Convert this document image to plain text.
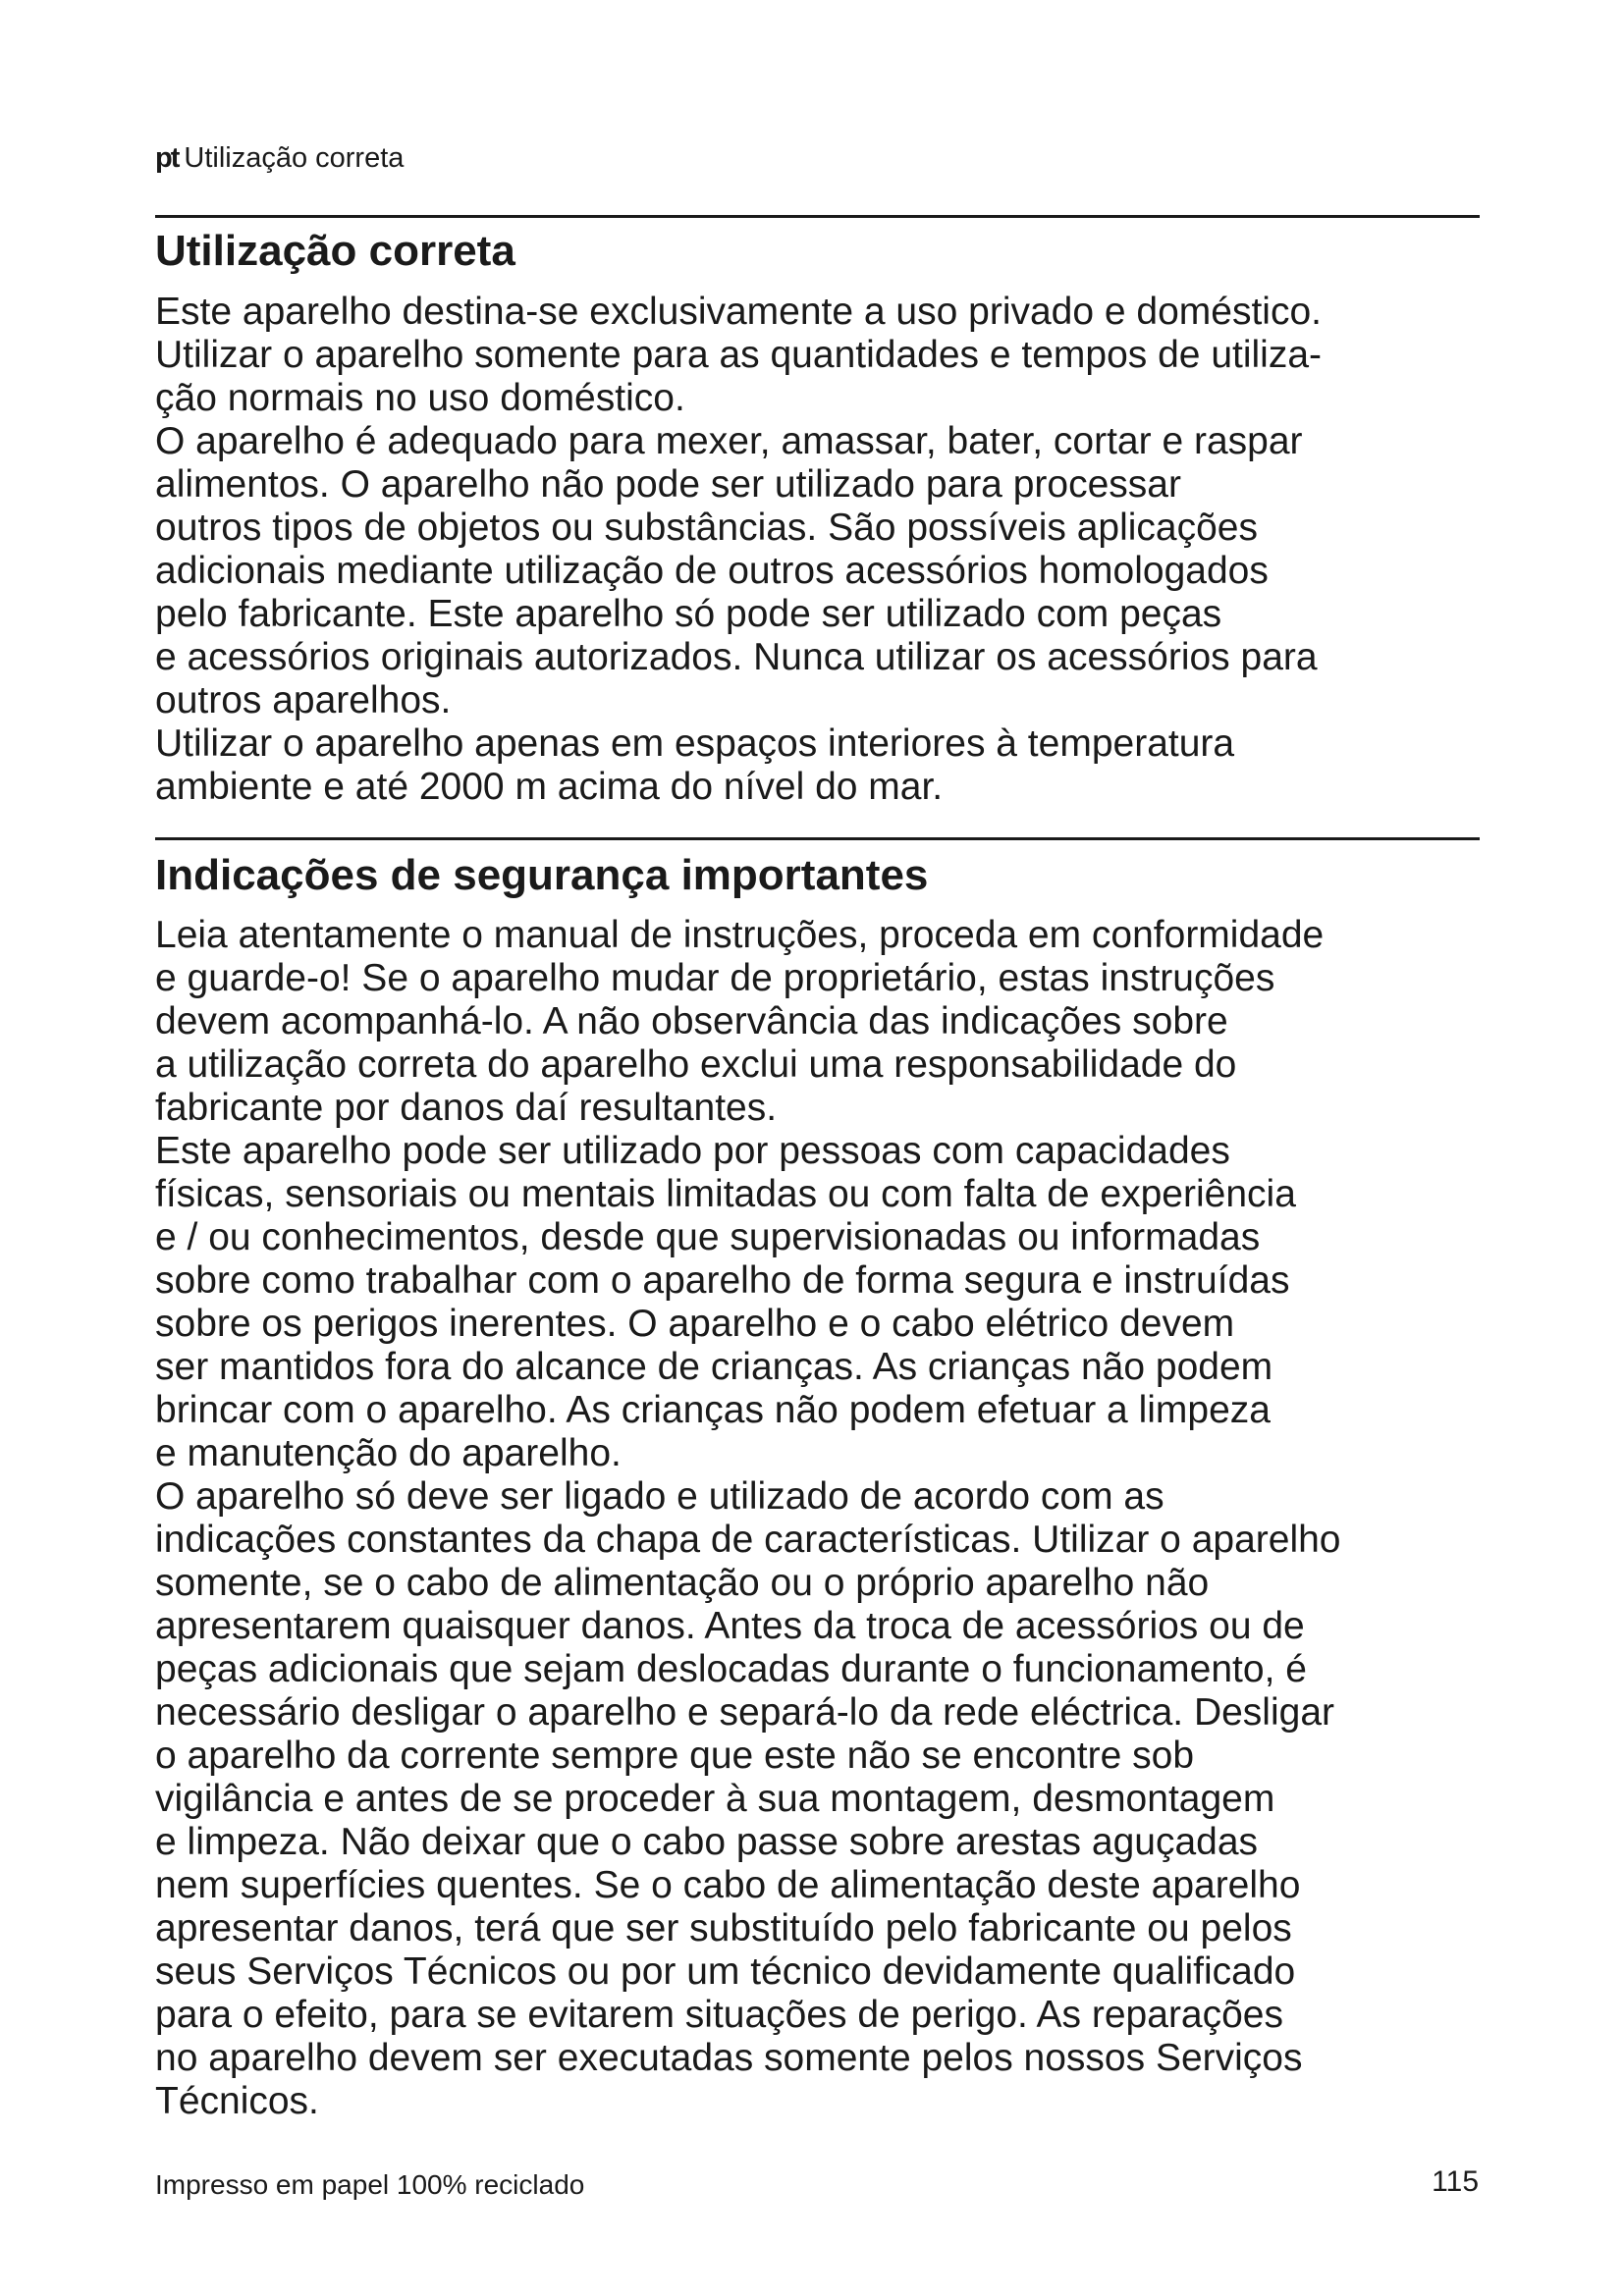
pt Utilização correta
Utilização correta
Este aparelho destina-se exclusivamente a uso privado e doméstico.
Utilizar o aparelho somente para as quantidades e tempos de utiliza-
ção normais no uso doméstico.
O aparelho é adequado para mexer, amassar, bater, cortar e raspar
alimentos. O aparelho não pode ser utilizado para processar
outros tipos de objetos ou substâncias. São possíveis aplicações
adicionais mediante utilização de outros acessórios homologados
pelo fabricante. Este aparelho só pode ser utilizado com peças
e acessórios originais autorizados. Nunca utilizar os acessórios para
outros aparelhos.
Utilizar o aparelho apenas em espaços interiores à temperatura
ambiente e até 2000 m acima do nível do mar.
Indicações de segurança importantes
Leia atentamente o manual de instruções, proceda em conformidade
e guarde-o! Se o aparelho mudar de proprietário, estas instruções
devem acompanhá-lo. A não observância das indicações sobre
a utilização correta do aparelho exclui uma responsabilidade do
fabricante por danos daí resultantes.
Este aparelho pode ser utilizado por pessoas com capacidades
físicas, sensoriais ou mentais limitadas ou com falta de experiência
e / ou conhecimentos, desde que supervisionadas ou informadas
sobre como trabalhar com o aparelho de forma segura e instruídas
sobre os perigos inerentes. O aparelho e o cabo elétrico devem
ser mantidos fora do alcance de crianças. As crianças não podem
brincar com o aparelho. As crianças não podem efetuar a limpeza
e manutenção do aparelho.
O aparelho só deve ser ligado e utilizado de acordo com as
indicações constantes da chapa de características. Utilizar o aparelho
somente, se o cabo de alimentação ou o próprio aparelho não
apresentarem quaisquer danos. Antes da troca de acessórios ou de
peças adicionais que sejam deslocadas durante o funcionamento, é
necessário desligar o aparelho e separá-lo da rede eléctrica. Desligar
o aparelho da corrente sempre que este não se encontre sob
vigilância e antes de se proceder à sua montagem, desmontagem
e limpeza. Não deixar que o cabo passe sobre arestas aguçadas
nem superfícies quentes. Se o cabo de alimentação deste aparelho
apresentar danos, terá que ser substituído pelo fabricante ou pelos
seus Serviços Técnicos ou por um técnico devidamente qualificado
para o efeito, para se evitarem situações de perigo. As reparações
no aparelho devem ser executadas somente pelos nossos Serviços
Técnicos.
Impresso em papel 100% reciclado	115
